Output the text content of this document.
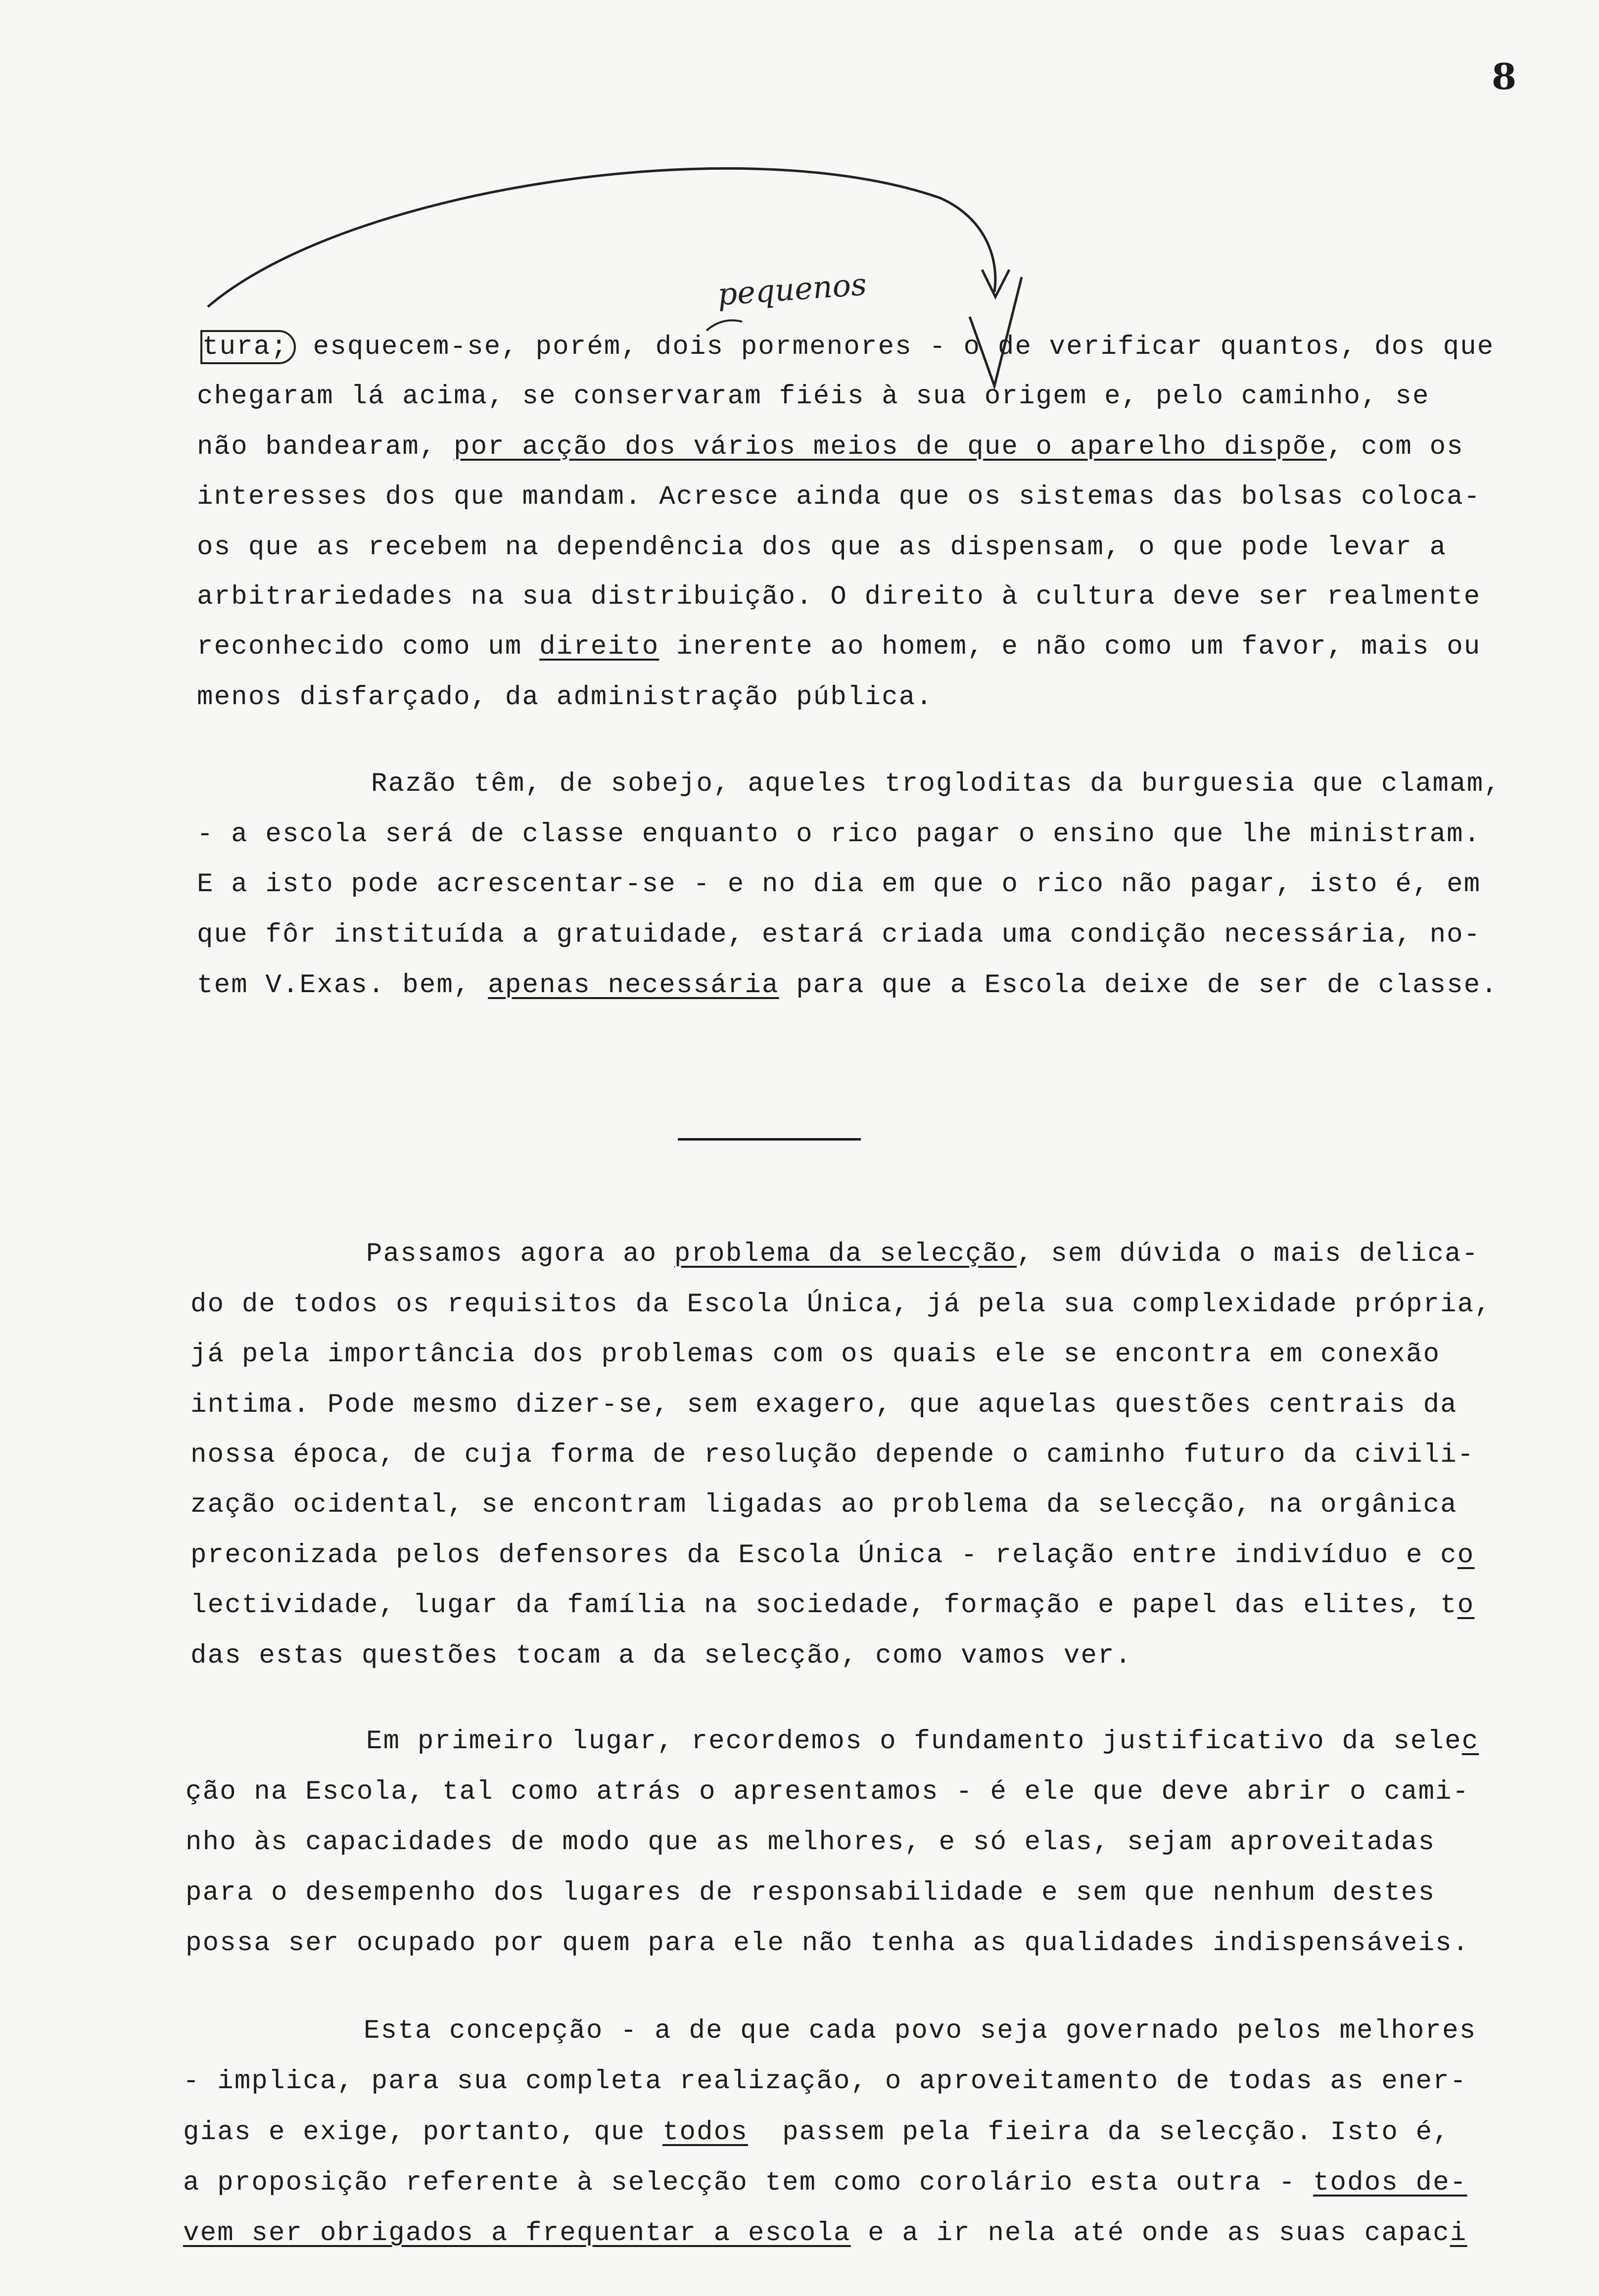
8
pequenos
tura; esquecem-se, porém, dois pormenores - o de verificar quantos, dos que
chegaram lá acima, se conservaram fiéis à sua origem e, pelo caminho, se
não bandearam, por acção dos vários meios de que o aparelho dispõe, com os
interesses dos que mandam. Acresce ainda que os sistemas das bolsas coloca-
os que as recebem na dependência dos que as dispensam, o que pode levar a
arbitrariedades na sua distribuição. O direito à cultura deve ser realmente
reconhecido como um direito inerente ao homem, e não como um favor, mais ou
menos disfarçado, da administração pública.
Razão têm, de sobejo, aqueles trogloditas da burguesia que clamam,
- a escola será de classe enquanto o rico pagar o ensino que lhe ministram.
E a isto pode acrescentar-se - e no dia em que o rico não pagar, isto é, em
que fôr instituída a gratuidade, estará criada uma condição necessária, no-
tem V.Exas. bem, apenas necessária para que a Escola deixe de ser de classe.
Passamos agora ao problema da selecção, sem dúvida o mais delica-
do de todos os requisitos da Escola Única, já pela sua complexidade própria,
já pela importância dos problemas com os quais ele se encontra em conexão
intima. Pode mesmo dizer-se, sem exagero, que aquelas questões centrais da
nossa época, de cuja forma de resolução depende o caminho futuro da civili-
zação ocidental, se encontram ligadas ao problema da selecção, na orgânica
preconizada pelos defensores da Escola Única - relação entre indivíduo e co
lectividade, lugar da família na sociedade, formação e papel das elites, to
das estas questões tocam a da selecção, como vamos ver.
Em primeiro lugar, recordemos o fundamento justificativo da selec
ção na Escola, tal como atrás o apresentamos - é ele que deve abrir o cami-
nho às capacidades de modo que as melhores, e só elas, sejam aproveitadas
para o desempenho dos lugares de responsabilidade e sem que nenhum destes
possa ser ocupado por quem para ele não tenha as qualidades indispensáveis.
Esta concepção - a de que cada povo seja governado pelos melhores
- implica, para sua completa realização, o aproveitamento de todas as ener-
gias e exige, portanto, que todos  passem pela fieira da selecção. Isto é,
a proposição referente à selecção tem como corolário esta outra - todos de-
vem ser obrigados a frequentar a escola e a ir nela até onde as suas capaci
